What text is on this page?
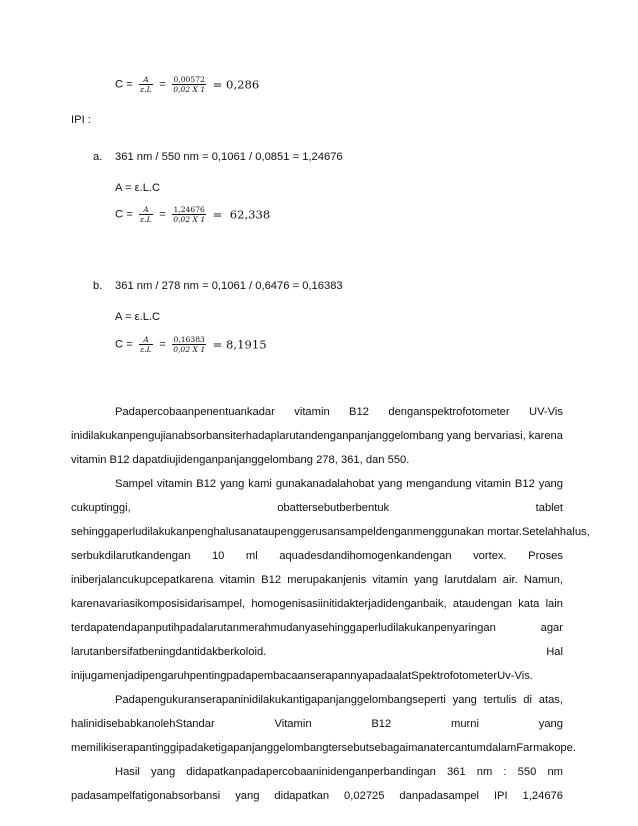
$C = \frac{A}{\varepsilon.L} = \frac{0,00572}{0,02 X 1} = 0,286$
IPI :
a. 361 nm / 550 nm = 0,1061 / 0,0851 = 1,24676
A = ε.L.C
$C = \frac{A}{\varepsilon.L} = \frac{1,24676}{0,02 X 1} = 62,338$
b. 361 nm / 278 nm = 0,1061 / 0,6476 = 0,16383
A = ε.L.C
$C = \frac{A}{\varepsilon.L} = \frac{0,16383}{0,02 X 1} = 8,1915$
Padapercobaanpenentuankadar vitamin B12 denganspektrofotometer UV-Vis
inidilakukanpengujianabsorbansiterhadaplarutandenganpanjanggelombang yang bervariasi, karena
vitamin B12 dapatdiujidenganpanjanggelombang 278, 361, dan 550.
Sampel vitamin B12 yang kami gunakanadalahobat yang mengandung vitamin B12 yang
cukuptinggi, obattersebutberbentuk tablet
sehinggaperludilakukanpenghalusanataupenggerusansampeldenganmenggunakan mortar.Setelahhalus,
serbukdilarutkandengan 10 ml aquadesdandihomogenkandengan vortex. Proses
iniberjalancukupcepatkarena vitamin B12 merupakanjenis vitamin yang larutdalam air. Namun,
karenavariasikomposisidarisampel, homogenisasiinitidakterjadidenganbaik, ataudengan kata lain
terdapatendapanputihpadalarutanmerahmudanyasehinggaperludilakukanpenyaringan agar
larutanbersifatbeningdantidakberkoloid. Hal
inijugamenjadipengaruhpentingpadapembacaanserapannyapadaalatSpektrofotometerUv-Vis.
Padapengukuranserapaninidilakukantigapanjanggelombangseperti yang tertulis di atas,
halinidisebabkanolehStandar Vitamin B12 murni yang
memilikiserapantinggipadaketigapanjanggelombangtersebutsebagaimanatercantumdalamFarmakope.
Hasil yang didapatkanpadapercobaaninidenganperbandingan 361 nm : 550 nm
padasampelfatigonabsorbansi yang didapatkan 0,02725 danpadasampel IPI 1,24676
